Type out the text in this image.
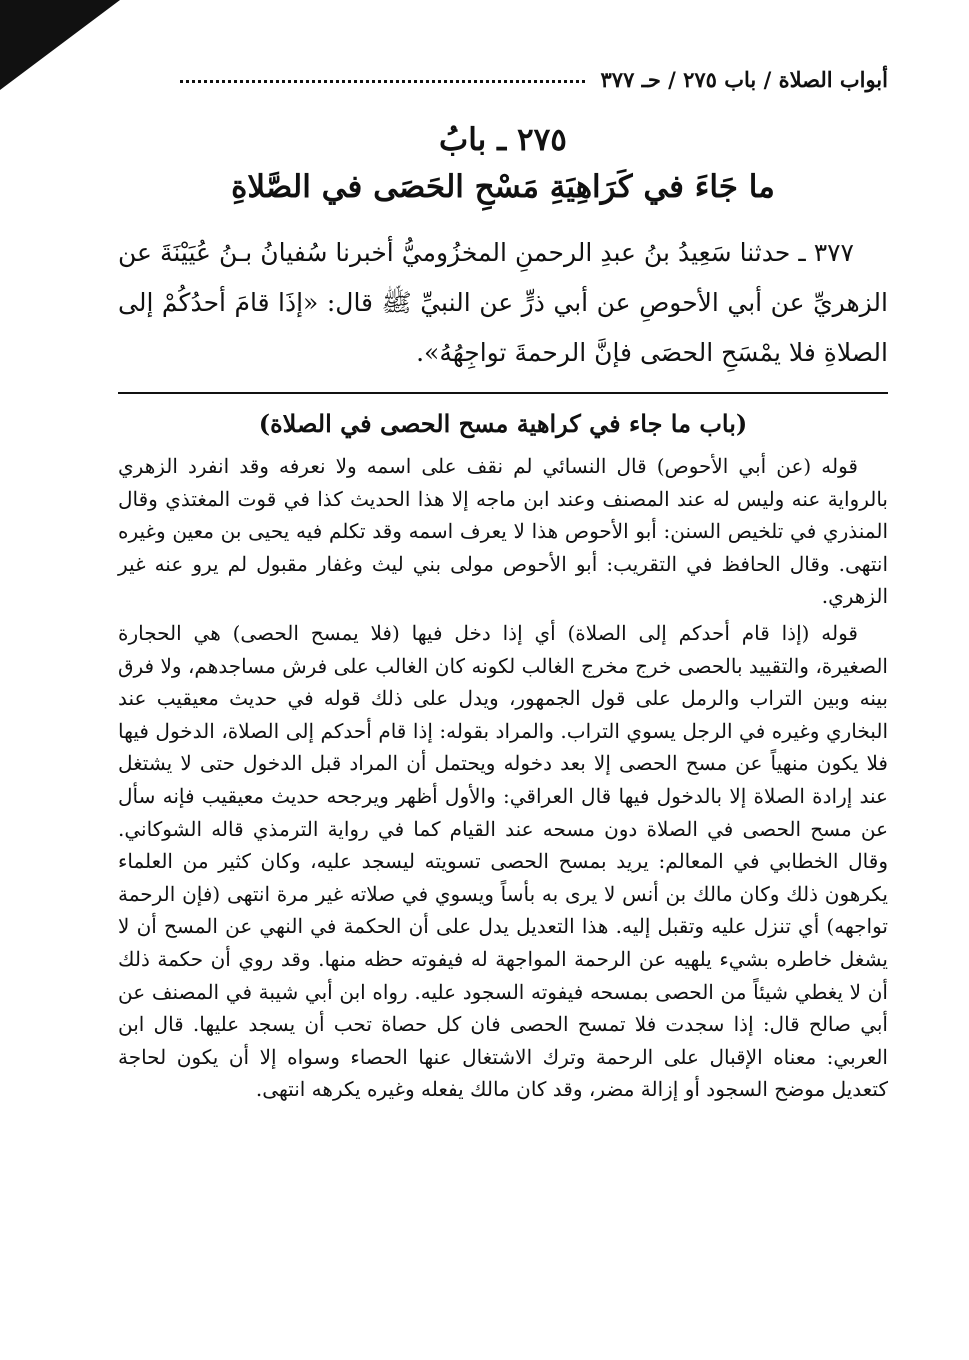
أبواب الصلاة / باب ٢٧٥ / حـ ٣٧٧
٢٧٥ ـ بابُ
ما جَاءَ في كَرَاهِيَةِ مَسْحِ الحَصَى في الصَّلاةِ
٣٧٧ ـ حدثنا سَعِيدُ بنُ عبدِ الرحمنِ المخزُوميُّ أخبرنا سُفيانُ بـنُ عُيَيْنَةَ عن الزهريِّ عن أبي الأحوصِ عن أبي ذرٍّ عن النبيِّ ﷺ قال: «إذَا قامَ أحدُكُمْ إلى الصلاةِ فلا يمْسَحِ الحصَى فإنَّ الرحمةَ تواجِهُهُ».
(باب ما جاء في كراهية مسح الحصى في الصلاة)

قوله (عن أبي الأحوص) قال النسائي لم نقف على اسمه ولا نعرفه وقد انفرد الزهري بالرواية عنه وليس له عند المصنف وعند ابن ماجه إلا هذا الحديث كذا في قوت المغتذي وقال المنذري في تلخيص السنن: أبو الأحوص هذا لا يعرف اسمه وقد تكلم فيه يحيى بن معين وغيره انتهى. وقال الحافظ في التقريب: أبو الأحوص مولى بني ليث وغفار مقبول لم يرو عنه غير الزهري.

قوله (إذا قام أحدكم إلى الصلاة) أي إذا دخل فيها (فلا يمسح الحصى) هي الحجارة الصغيرة، والتقييد بالحصى خرج مخرج الغالب لكونه كان الغالب على فرش مساجدهم، ولا فرق بينه وبين التراب والرمل على قول الجمهور، ويدل على ذلك قوله في حديث معيقيب عند البخاري وغيره في الرجل يسوي التراب. والمراد بقوله: إذا قام أحدكم إلى الصلاة، الدخول فيها فلا يكون منهياً عن مسح الحصى إلا بعد دخوله ويحتمل أن المراد قبل الدخول حتى لا يشتغل عند إرادة الصلاة إلا بالدخول فيها قال العراقي: والأول أظهر ويرجحه حديث معيقيب فإنه سأل عن مسح الحصى في الصلاة دون مسحه عند القيام كما في رواية الترمذي قاله الشوكاني. وقال الخطابي في المعالم: يريد بمسح الحصى تسويته ليسجد عليه، وكان كثير من العلماء يكرهون ذلك وكان مالك بن أنس لا يرى به بأساً ويسوي في صلاته غير مرة انتهى (فإن الرحمة تواجهه) أي تنزل عليه وتقبل إليه. هذا التعديل يدل على أن الحكمة في النهي عن المسح أن لا يشغل خاطره بشيء يلهيه عن الرحمة المواجهة له فيفوته حظه منها. وقد روي أن حكمة ذلك أن لا يغطي شيئاً من الحصى بمسحه فيفوته السجود عليه. رواه ابن أبي شيبة في المصنف عن أبي صالح قال: إذا سجدت فلا تمسح الحصى فان كل حصاة تحب أن يسجد عليها. قال ابن العربي: معناه الإقبال على الرحمة وترك الاشتغال عنها الحصاء وسواه إلا أن يكون لحاجة كتعديل موضح السجود أو إزالة مضر، وقد كان مالك يفعله وغيره يكرهه انتهى.
